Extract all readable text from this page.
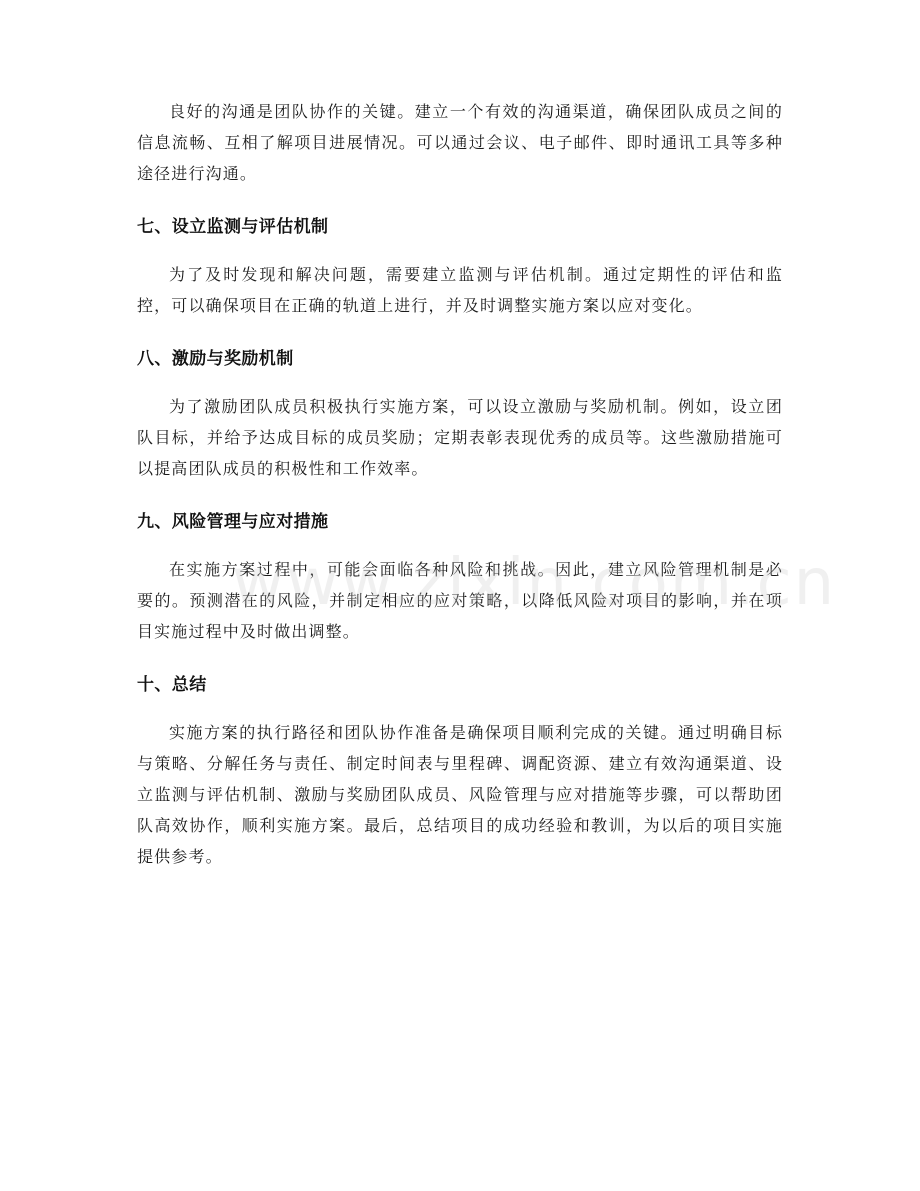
良好的沟通是团队协作的关键。建立一个有效的沟通渠道，确保团队成员之间的信息流畅、互相了解项目进展情况。可以通过会议、电子邮件、即时通讯工具等多种途径进行沟通。

七、设立监测与评估机制

为了及时发现和解决问题，需要建立监测与评估机制。通过定期性的评估和监控，可以确保项目在正确的轨道上进行，并及时调整实施方案以应对变化。

八、激励与奖励机制

为了激励团队成员积极执行实施方案，可以设立激励与奖励机制。例如，设立团队目标，并给予达成目标的成员奖励；定期表彰表现优秀的成员等。这些激励措施可以提高团队成员的积极性和工作效率。

九、风险管理与应对措施

在实施方案过程中，可能会面临各种风险和挑战。因此，建立风险管理机制是必要的。预测潜在的风险，并制定相应的应对策略，以降低风险对项目的影响，并在项目实施过程中及时做出调整。

十、总结

实施方案的执行路径和团队协作准备是确保项目顺利完成的关键。通过明确目标与策略、分解任务与责任、制定时间表与里程碑、调配资源、建立有效沟通渠道、设立监测与评估机制、激励与奖励团队成员、风险管理与应对措施等步骤，可以帮助团队高效协作，顺利实施方案。最后，总结项目的成功经验和教训，为以后的项目实施提供参考。

www.zixin.com.cn
